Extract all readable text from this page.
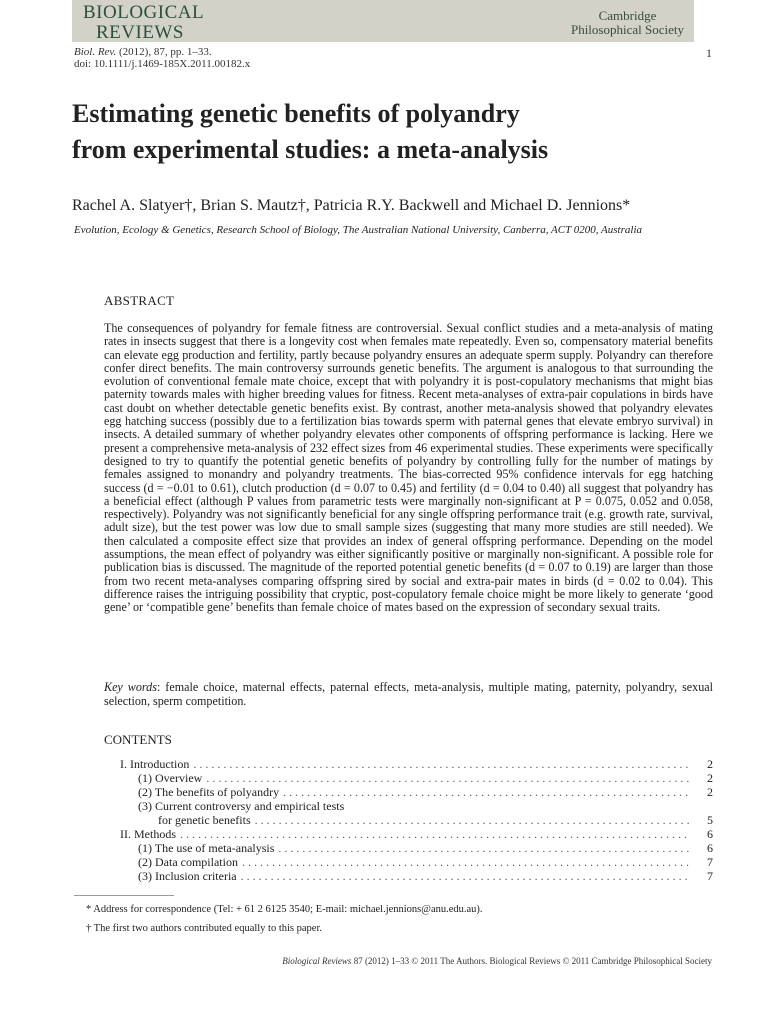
BIOLOGICAL
REVIEWS
Cambridge
Philosophical Society
Biol. Rev. (2012), 87, pp. 1–33.
doi: 10.1111/j.1469-185X.2011.00182.x
1
Estimating genetic benefits of polyandry
from experimental studies: a meta-analysis
Rachel A. Slatyer†, Brian S. Mautz†, Patricia R.Y. Backwell and Michael D. Jennions*
Evolution, Ecology & Genetics, Research School of Biology, The Australian National University, Canberra, ACT 0200, Australia
ABSTRACT
The consequences of polyandry for female fitness are controversial. Sexual conflict studies and a meta-analysis of mating rates in insects suggest that there is a longevity cost when females mate repeatedly. Even so, compensatory material benefits can elevate egg production and fertility, partly because polyandry ensures an adequate sperm supply. Polyandry can therefore confer direct benefits. The main controversy surrounds genetic benefits. The argument is analogous to that surrounding the evolution of conventional female mate choice, except that with polyandry it is post-copulatory mechanisms that might bias paternity towards males with higher breeding values for fitness. Recent meta-analyses of extra-pair copulations in birds have cast doubt on whether detectable genetic benefits exist. By contrast, another meta-analysis showed that polyandry elevates egg hatching success (possibly due to a fertilization bias towards sperm with paternal genes that elevate embryo survival) in insects. A detailed summary of whether polyandry elevates other components of offspring performance is lacking. Here we present a comprehensive meta-analysis of 232 effect sizes from 46 experimental studies. These experiments were specifically designed to try to quantify the potential genetic benefits of polyandry by controlling fully for the number of matings by females assigned to monandry and polyandry treatments. The bias-corrected 95% confidence intervals for egg hatching success (d = −0.01 to 0.61), clutch production (d = 0.07 to 0.45) and fertility (d = 0.04 to 0.40) all suggest that polyandry has a beneficial effect (although P values from parametric tests were marginally non-significant at P = 0.075, 0.052 and 0.058, respectively). Polyandry was not significantly beneficial for any single offspring performance trait (e.g. growth rate, survival, adult size), but the test power was low due to small sample sizes (suggesting that many more studies are still needed). We then calculated a composite effect size that provides an index of general offspring performance. Depending on the model assumptions, the mean effect of polyandry was either significantly positive or marginally non-significant. A possible role for publication bias is discussed. The magnitude of the reported potential genetic benefits (d = 0.07 to 0.19) are larger than those from two recent meta-analyses comparing offspring sired by social and extra-pair mates in birds (d = 0.02 to 0.04). This difference raises the intriguing possibility that cryptic, post-copulatory female choice might be more likely to generate ‘good gene’ or ‘compatible gene’ benefits than female choice of mates based on the expression of secondary sexual traits.
Key words: female choice, maternal effects, paternal effects, meta-analysis, multiple mating, paternity, polyandry, sexual selection, sperm competition.
CONTENTS
I. Introduction . . .	2
(1) Overview . . .	2
(2) The benefits of polyandry . . .	2
(3) Current controversy and empirical tests
for genetic benefits . . .	5
II. Methods . . .	6
(1) The use of meta-analysis . . .	6
(2) Data compilation . . .	7
(3) Inclusion criteria . . .	7
* Address for correspondence (Tel: + 61 2 6125 3540; E-mail: michael.jennions@anu.edu.au).
† The first two authors contributed equally to this paper.
Biological Reviews 87 (2012) 1–33 © 2011 The Authors. Biological Reviews © 2011 Cambridge Philosophical Society
